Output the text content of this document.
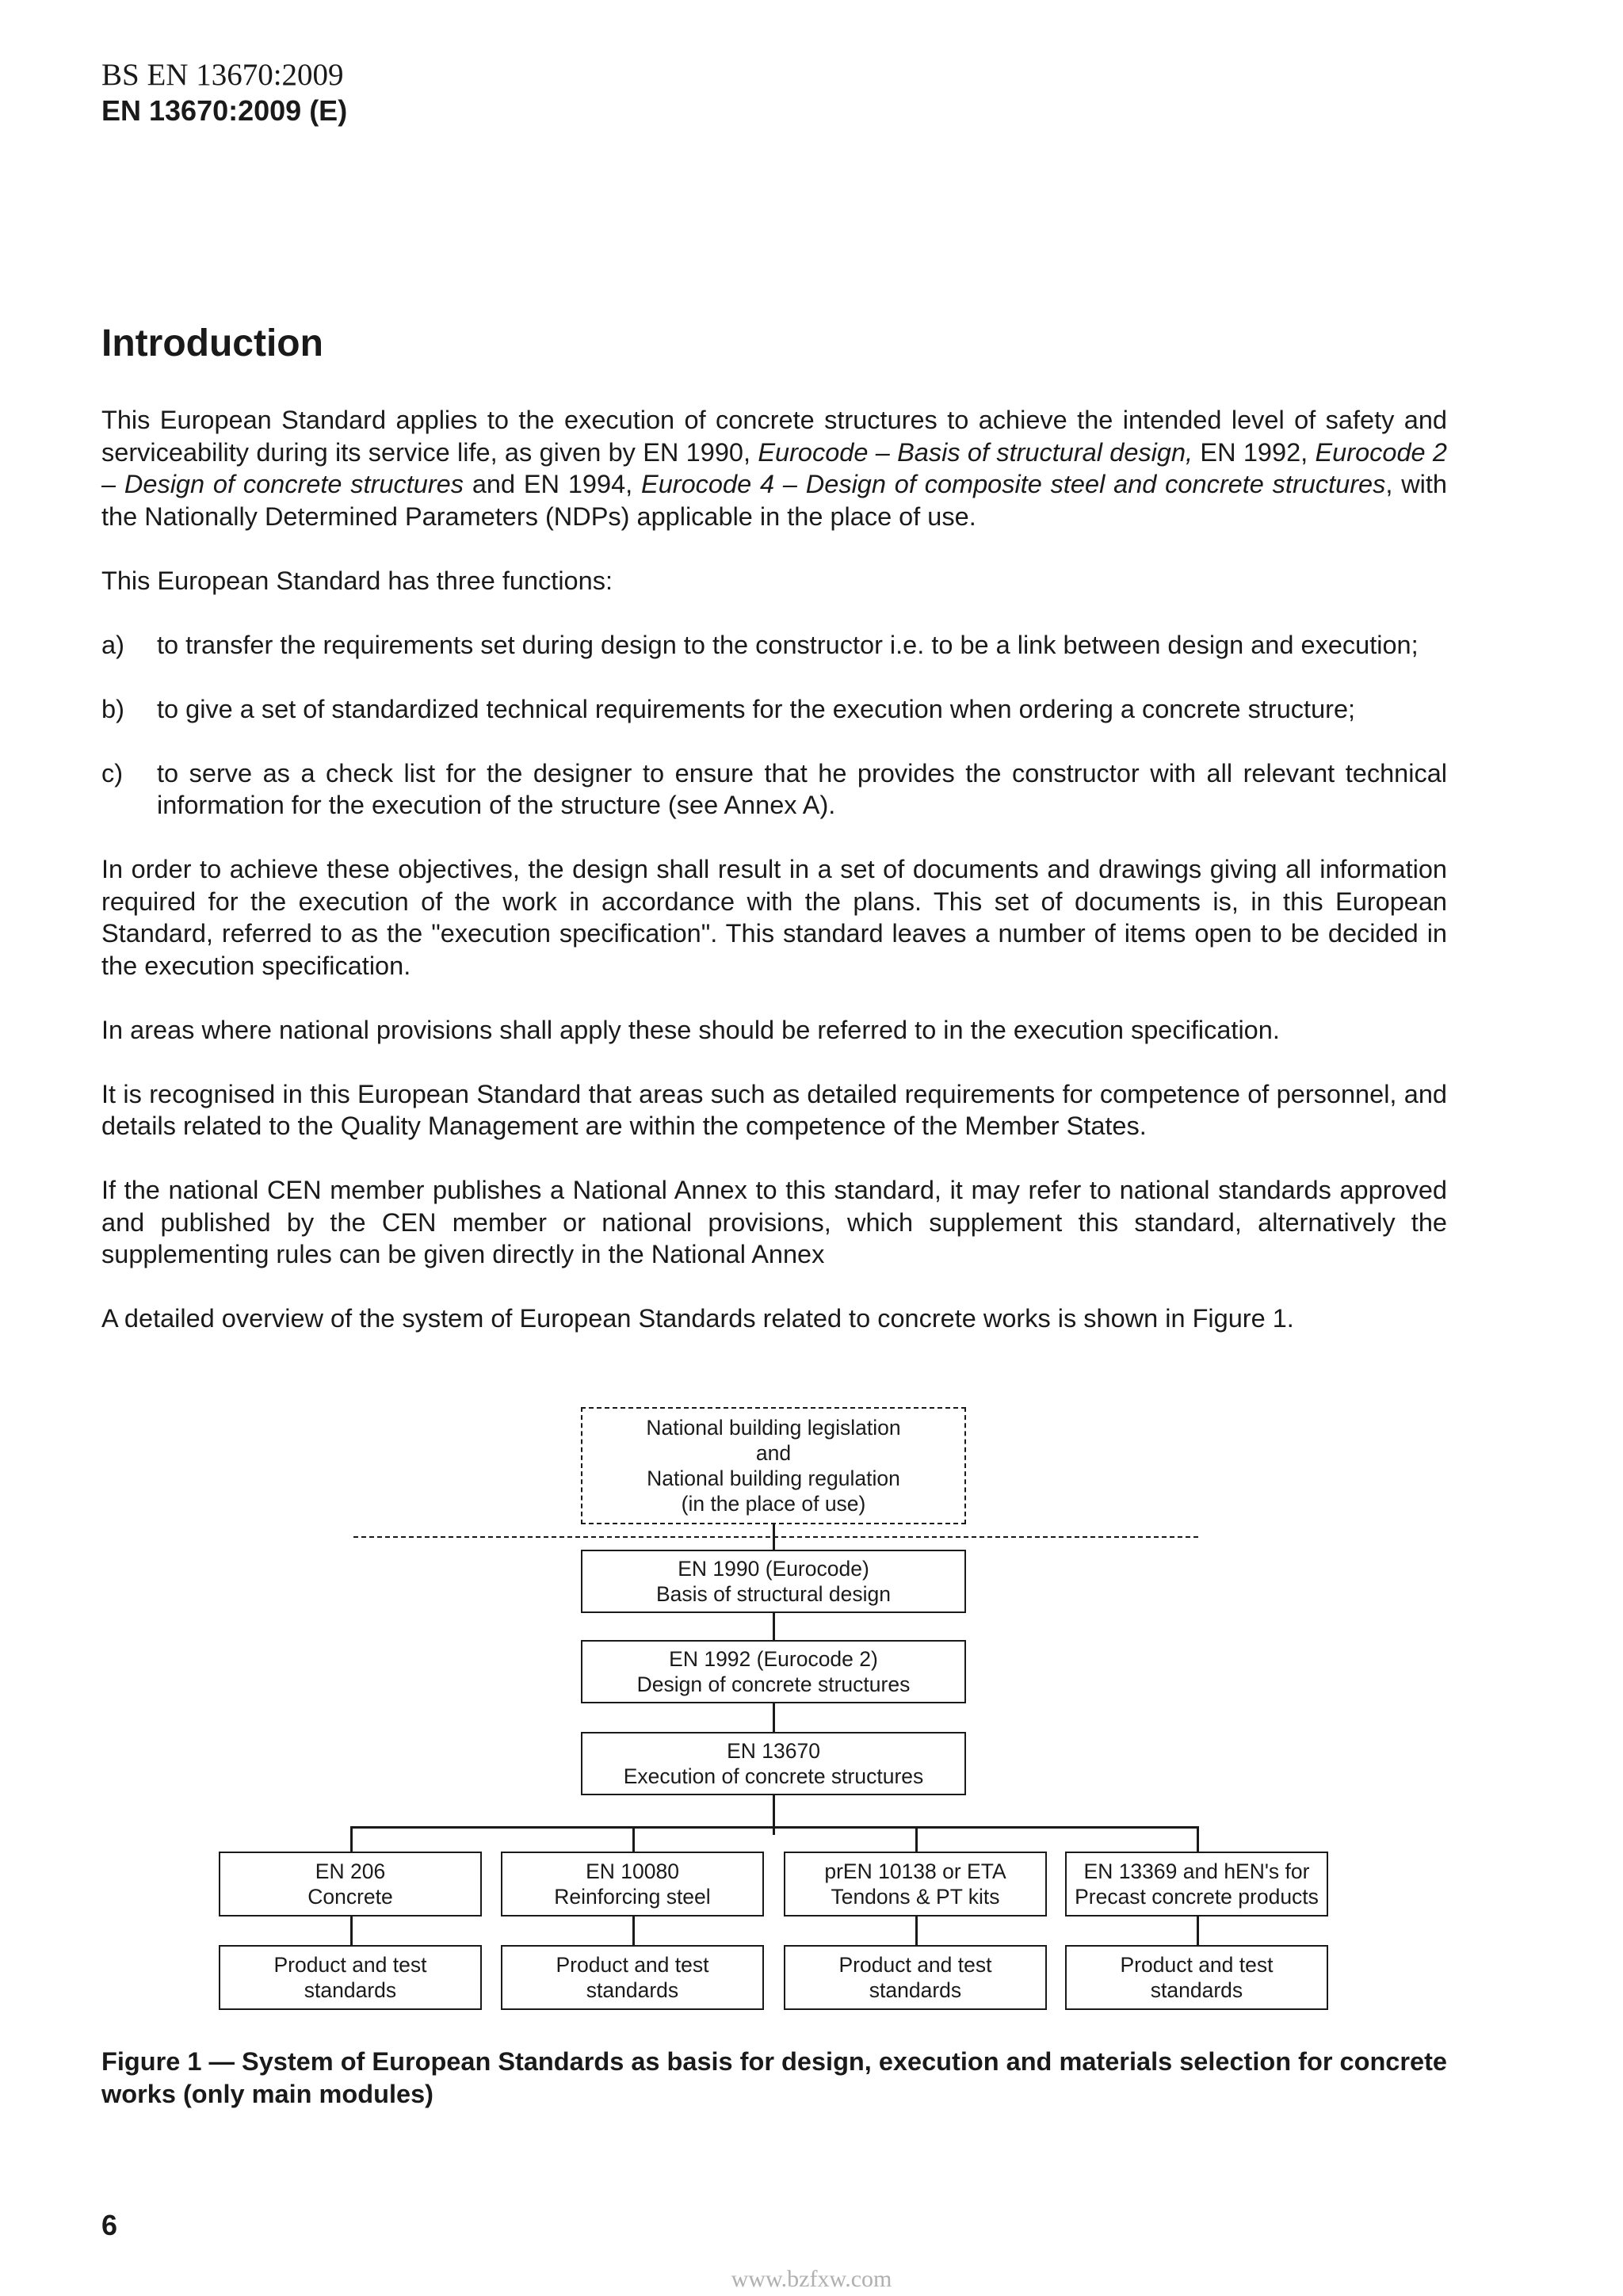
BS EN 13670:2009
EN 13670:2009 (E)
Introduction

This European Standard applies to the execution of concrete structures to achieve the intended level of safety and serviceability during its service life, as given by EN 1990, Eurocode – Basis of structural design, EN 1992, Eurocode 2 – Design of concrete structures and EN 1994, Eurocode 4 – Design of composite steel and concrete structures, with the Nationally Determined Parameters (NDPs) applicable in the place of use.

This European Standard has three functions:

a) to transfer the requirements set during design to the constructor i.e. to be a link between design and execution;
b) to give a set of standardized technical requirements for the execution when ordering a concrete structure;
c) to serve as a check list for the designer to ensure that he provides the constructor with all relevant technical information for the execution of the structure (see Annex A).

In order to achieve these objectives, the design shall result in a set of documents and drawings giving all information required for the execution of the work in accordance with the plans. This set of documents is, in this European Standard, referred to as the "execution specification". This standard leaves a number of items open to be decided in the execution specification.

In areas where national provisions shall apply these should be referred to in the execution specification.

It is recognised in this European Standard that areas such as detailed requirements for competence of personnel, and details related to the Quality Management are within the competence of the Member States.

If the national CEN member publishes a National Annex to this standard, it may refer to national standards approved and published by the CEN member or national provisions, which supplement this standard, alternatively the supplementing rules can be given directly in the National Annex

A detailed overview of the system of European Standards related to concrete works is shown in Figure 1.

National building legislation
and
National building regulation
(in the place of use)
EN 1990 (Eurocode)
Basis of structural design
EN 1992 (Eurocode 2)
Design of concrete structures
EN 13670
Execution of concrete structures
EN 206
Concrete
EN 10080
Reinforcing steel
prEN 10138 or ETA
Tendons & PT kits
EN 13369 and hEN's for
Precast concrete products
Product and test
standards
Product and test
standards
Product and test
standards
Product and test
standards
Figure 1 — System of European Standards as basis for design, execution and materials selection for concrete works (only main modules)
6
www.bzfxw.com
